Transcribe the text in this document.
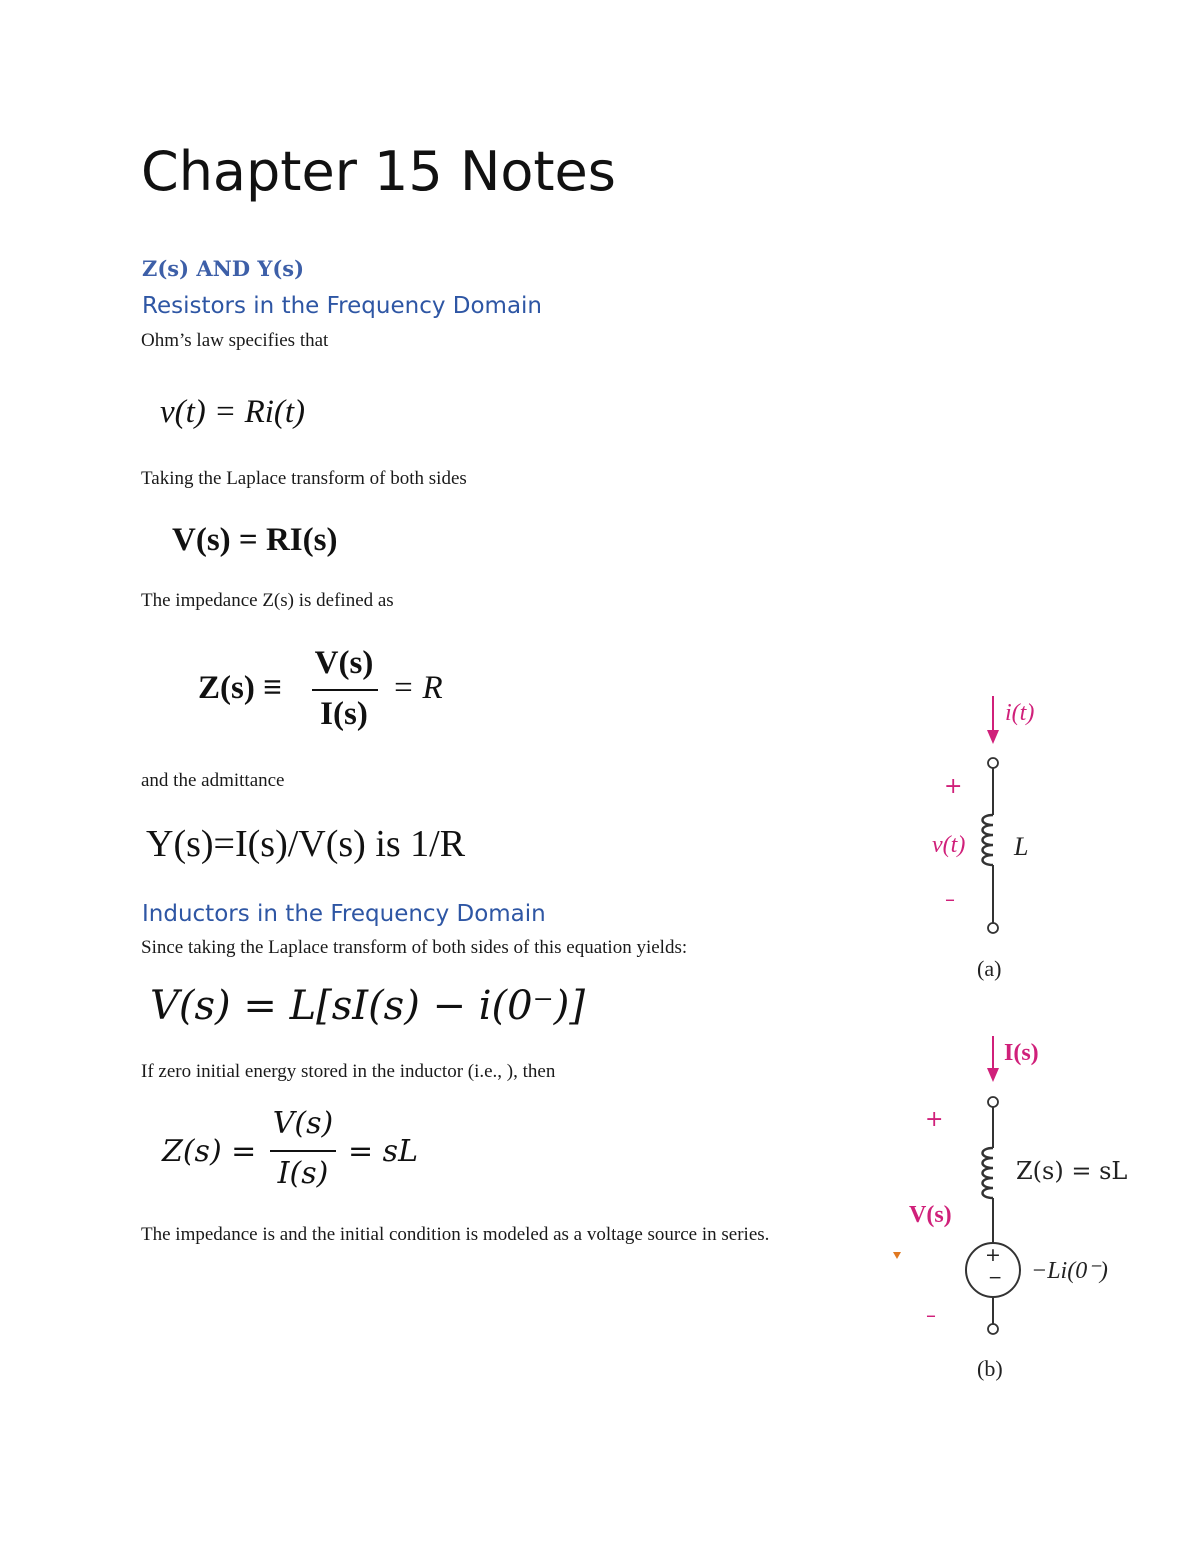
Chapter 15 Notes
Z(s) AND Y(s)
Resistors in the Frequency Domain
Ohm’s law specifies that
v(t) = Ri(t)
Taking the Laplace transform of both sides
V(s) = RI(s)
The impedance Z(s) is defined as
Z(s) ≡
V(s)
I(s)
= R
and the admittance
Y(s)=I(s)/V(s) is 1/R
Inductors in the Frequency Domain
Since taking the Laplace transform of both sides of this equation yields:
V(s) = L[sI(s) − i(0⁻)]
If zero initial energy stored in the inductor (i.e., ), then
Z(s) =
V(s)
I(s)
= sL
The impedance is and the initial condition is modeled as a voltage source in series.
i(t)
+
v(t) L
–
(a)
I(s)
+
Z(s) = sL
V(s)
+
− −Li(0⁻)
–
(b)
